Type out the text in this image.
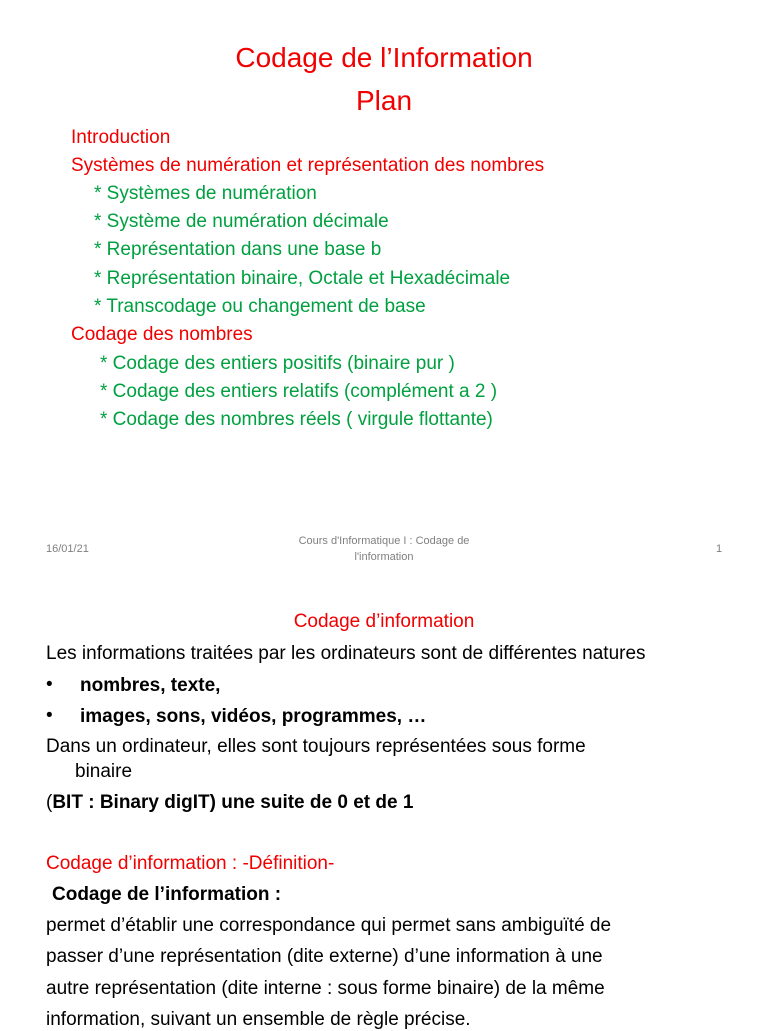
Codage de l’Information
Plan
Introduction
Systèmes de numération et représentation des nombres
* Systèmes de numération
* Système de numération décimale
* Représentation dans une base b
* Représentation binaire, Octale et Hexadécimale
* Transcodage ou changement de base
Codage des nombres
* Codage des entiers positifs (binaire pur )
* Codage des entiers relatifs (complément a 2 )
* Codage des nombres réels ( virgule flottante)
16/01/21
Cours d'Informatique I : Codage de
l'information
1
Codage d’information
Les informations traitées par les ordinateurs sont de différentes natures
• nombres, texte,
• images, sons, vidéos, programmes, …
Dans un ordinateur, elles sont toujours représentées sous forme
binaire
(BIT : Binary digIT) une suite de 0 et de 1
Codage d’information : -Définition-
Codage de l’information :
permet d’établir une correspondance qui permet sans ambiguïté de
passer d’une représentation (dite externe) d’une information à une
autre représentation (dite interne : sous forme binaire) de la même
information, suivant un ensemble de règle précise.
